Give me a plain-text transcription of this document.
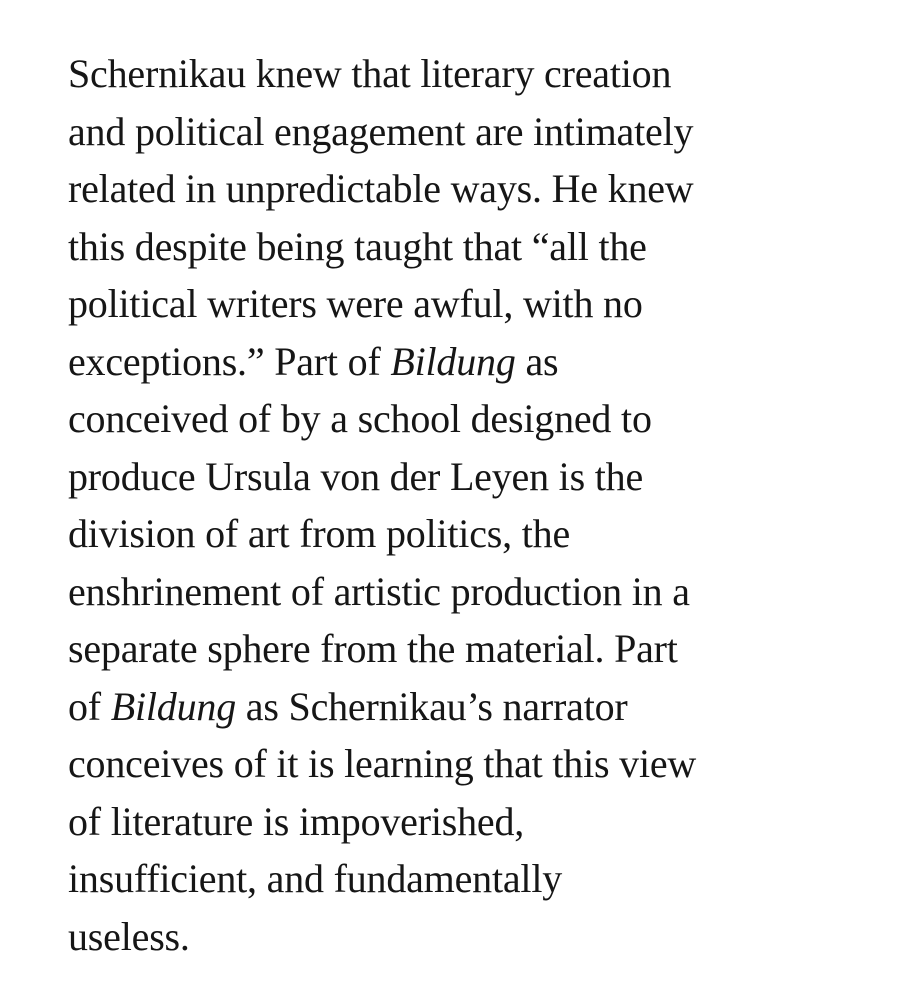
Schernikau knew that literary creation
and political engagement are intimately
related in unpredictable ways. He knew
this despite being taught that “all the
political writers were awful, with no
exceptions.” Part of Bildung as
conceived of by a school designed to
produce Ursula von der Leyen is the
division of art from politics, the
enshrinement of artistic production in a
separate sphere from the material. Part
of Bildung as Schernikau’s narrator
conceives of it is learning that this view
of literature is impoverished,
insufficient, and fundamentally
useless.
